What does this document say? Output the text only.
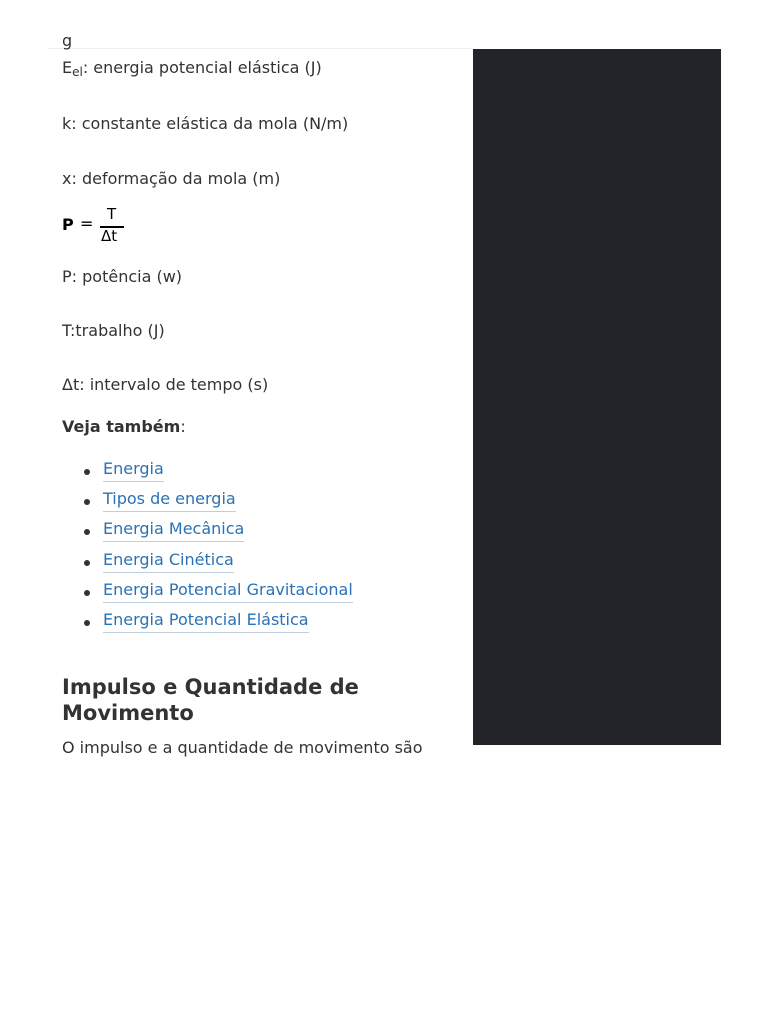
g
$E_{el}$: energia potencial elástica (J)
k: constante elástica da mola (N/m)
x: deformação da mola (m)
P = T
Δt
P: potência (w)
T:trabalho (J)
Δt: intervalo de tempo (s)
Veja também:
Energia
Tipos de energia
Energia Mecânica
Energia Cinética
Energia Potencial Gravitacional
Energia Potencial Elástica
Impulso e Quantidade de Movimento
O impulso e a quantidade de movimento são
